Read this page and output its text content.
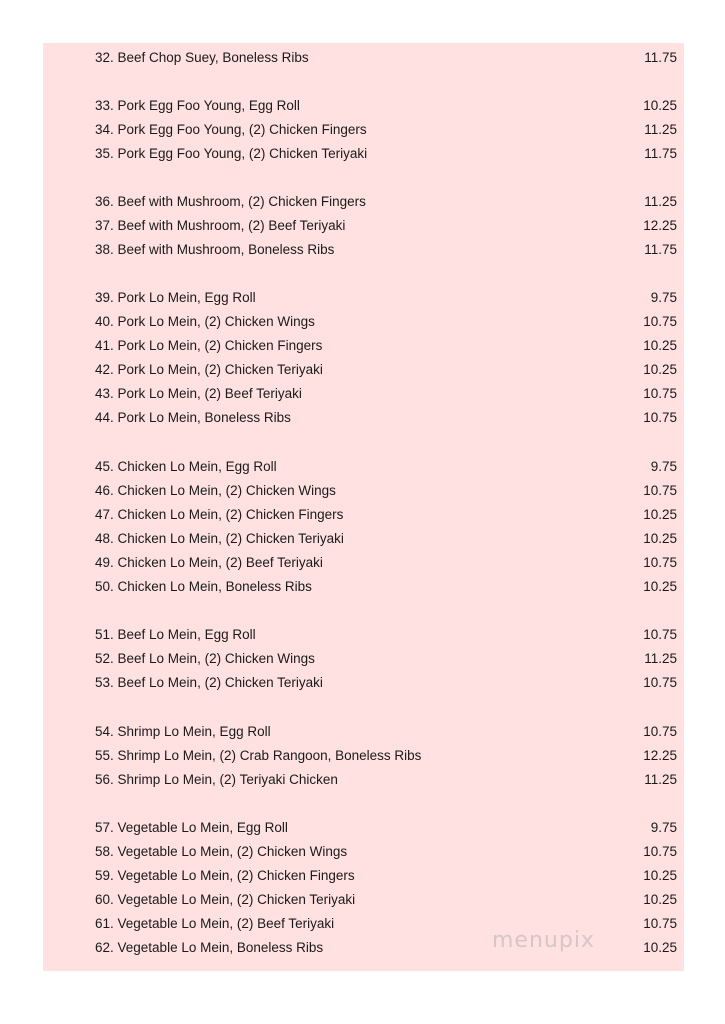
32. Beef Chop Suey, Boneless Ribs	11.75
33. Pork Egg Foo Young, Egg Roll	10.25
34. Pork Egg Foo Young, (2) Chicken Fingers	11.25
35. Pork Egg Foo Young, (2) Chicken Teriyaki	11.75
36. Beef with Mushroom, (2) Chicken Fingers	11.25
37. Beef with Mushroom, (2) Beef Teriyaki	12.25
38. Beef with Mushroom, Boneless Ribs	11.75
39. Pork Lo Mein, Egg Roll	9.75
40. Pork Lo Mein, (2) Chicken Wings	10.75
41. Pork Lo Mein, (2) Chicken Fingers	10.25
42. Pork Lo Mein, (2) Chicken Teriyaki	10.25
43. Pork Lo Mein, (2) Beef Teriyaki	10.75
44. Pork Lo Mein, Boneless Ribs	10.75
45. Chicken Lo Mein, Egg Roll	9.75
46. Chicken Lo Mein, (2) Chicken Wings	10.75
47. Chicken Lo Mein, (2) Chicken Fingers	10.25
48. Chicken Lo Mein, (2) Chicken Teriyaki	10.25
49. Chicken Lo Mein, (2) Beef Teriyaki	10.75
50. Chicken Lo Mein, Boneless Ribs	10.25
51. Beef Lo Mein, Egg Roll	10.75
52. Beef Lo Mein, (2) Chicken Wings	11.25
53. Beef Lo Mein, (2) Chicken Teriyaki	10.75
54. Shrimp Lo Mein, Egg Roll	10.75
55. Shrimp Lo Mein, (2) Crab Rangoon, Boneless Ribs	12.25
56. Shrimp Lo Mein, (2) Teriyaki Chicken	11.25
57. Vegetable Lo Mein, Egg Roll	9.75
58. Vegetable Lo Mein, (2) Chicken Wings	10.75
59. Vegetable Lo Mein, (2) Chicken Fingers	10.25
60. Vegetable Lo Mein, (2) Chicken Teriyaki	10.25
61. Vegetable Lo Mein, (2) Beef Teriyaki	10.75
62. Vegetable Lo Mein, Boneless Ribs	10.25
menupix
